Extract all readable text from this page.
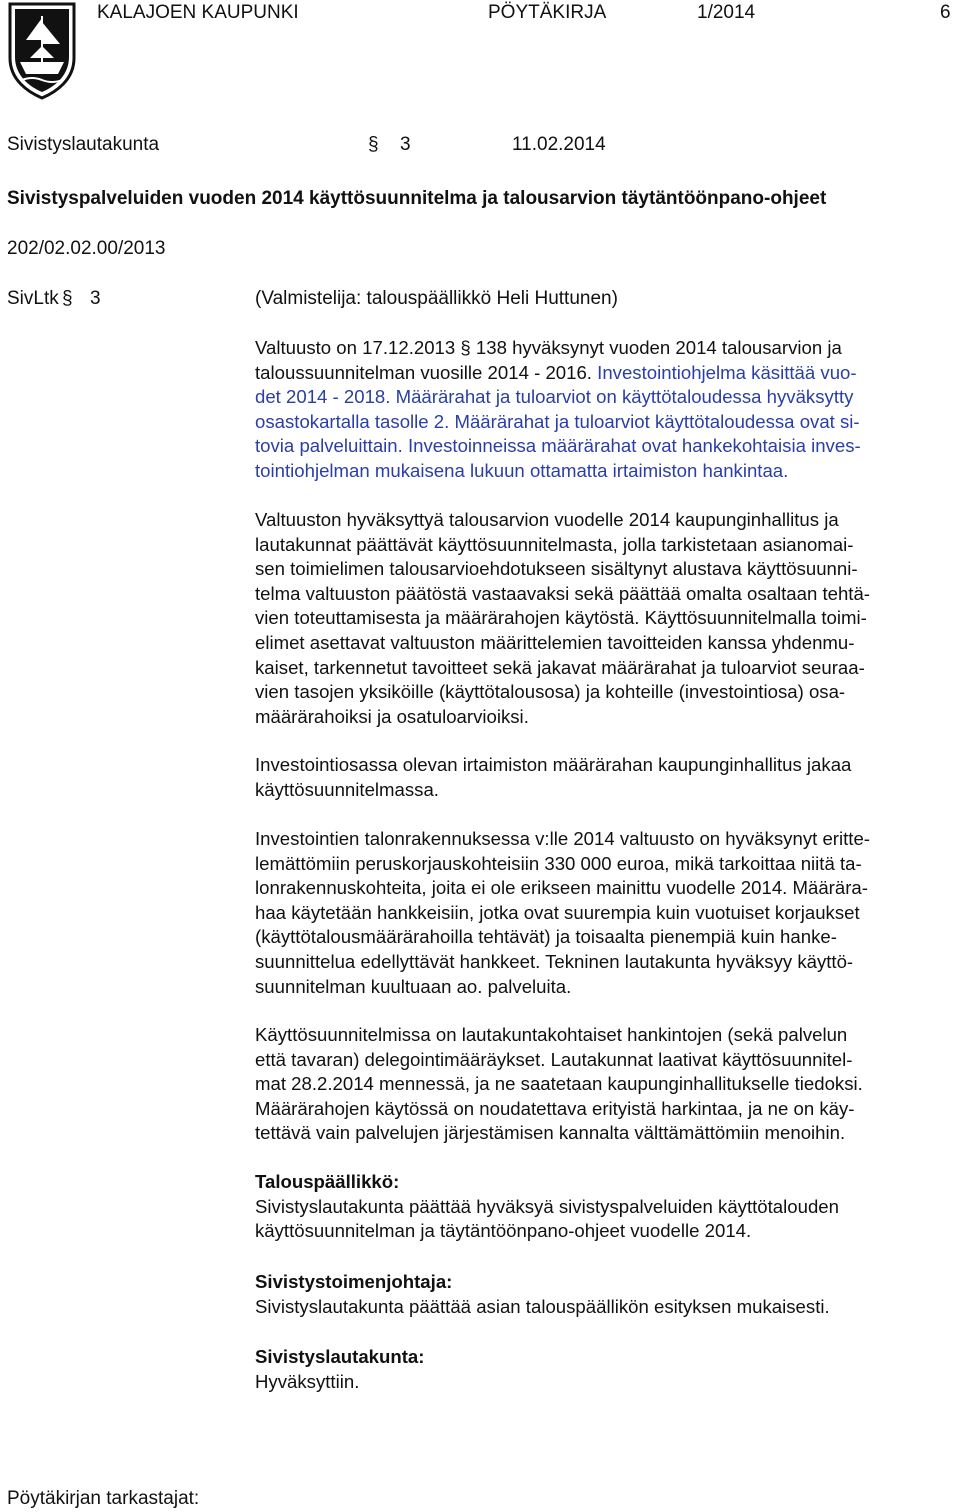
KALAJOEN KAUPUNKI	PÖYTÄKIRJA	1/2014	6
Sivistyslautakunta	§ 3	11.02.2014
Sivistyspalveluiden vuoden 2014 käyttösuunnitelma ja talousarvion täytäntöönpano-ohjeet
202/02.02.00/2013
SivLtk § 3	(Valmistelija: talouspäällikkö Heli Huttunen)

Valtuusto on 17.12.2013 § 138 hyväksynyt vuoden 2014 talousarvion ja

taloussuunnitelman vuosille 2014 - 2016. Investointiohjelma käsittää vuo-

det 2014 - 2018. Määrärahat ja tuloarviot on käyttötaloudessa hyväksytty

osastokartalla tasolle 2. Määrärahat ja tuloarviot käyttötaloudessa ovat si-

tovia palveluittain. Investoinneissa määrärahat ovat hankekohtaisia inves-

tointiohjelman mukaisena lukuun ottamatta irtaimiston hankintaa.

Valtuuston hyväksyttyä talousarvion vuodelle 2014 kaupunginhallitus ja

lautakunnat päättävät käyttösuunnitelmasta, jolla tarkistetaan asianomai-

sen toimielimen talousarvioehdotukseen sisältynyt alustava käyttösuunni-

telma valtuuston päätöstä vastaavaksi sekä päättää omalta osaltaan tehtä-

vien toteuttamisesta ja määrärahojen käytöstä. Käyttösuunnitelmalla toimi-

elimet asettavat valtuuston määrittelemien tavoitteiden kanssa yhdenmu-

kaiset, tarkennetut tavoitteet sekä jakavat määrärahat ja tuloarviot seuraa-

vien tasojen yksiköille (käyttötalousosa) ja kohteille (investointiosa) osa-

määrärahoiksi ja osatuloarvioiksi.

Investointiosassa olevan irtaimiston määrärahan kaupunginhallitus jakaa

käyttösuunnitelmassa.

Investointien talonrakennuksessa v:lle 2014 valtuusto on hyväksynyt eritte-

lemättömiin peruskorjauskohteisiin 330 000 euroa, mikä tarkoittaa niitä ta-

lonrakennuskohteita, joita ei ole erikseen mainittu vuodelle 2014. Määrära-

haa käytetään hankkeisiin, jotka ovat suurempia kuin vuotuiset korjaukset

(käyttötalousmäärärahoilla tehtävät) ja toisaalta pienempiä kuin hanke-

suunnittelua edellyttävät hankkeet. Tekninen lautakunta hyväksyy käyttö-

suunnitelman kuultuaan ao. palveluita.

Käyttösuunnitelmissa on lautakuntakohtaiset hankintojen (sekä palvelun

että tavaran) delegointimääräykset. Lautakunnat laativat käyttösuunnitel-

mat 28.2.2014 mennessä, ja ne saatetaan kaupunginhallitukselle tiedoksi.

Määrärahojen käytössä on noudatettava erityistä harkintaa, ja ne on käy-

tettävä vain palvelujen järjestämisen kannalta välttämättömiin menoihin.

Talouspäällikkö:

Sivistyslautakunta päättää hyväksyä sivistyspalveluiden käyttötalouden

käyttösuunnitelman ja täytäntöönpano-ohjeet vuodelle 2014.

Sivistystoimenjohtaja:

Sivistyslautakunta päättää asian talouspäällikön esityksen mukaisesti.

Sivistyslautakunta:

Hyväksyttiin.

Pöytäkirjan tarkastajat:
